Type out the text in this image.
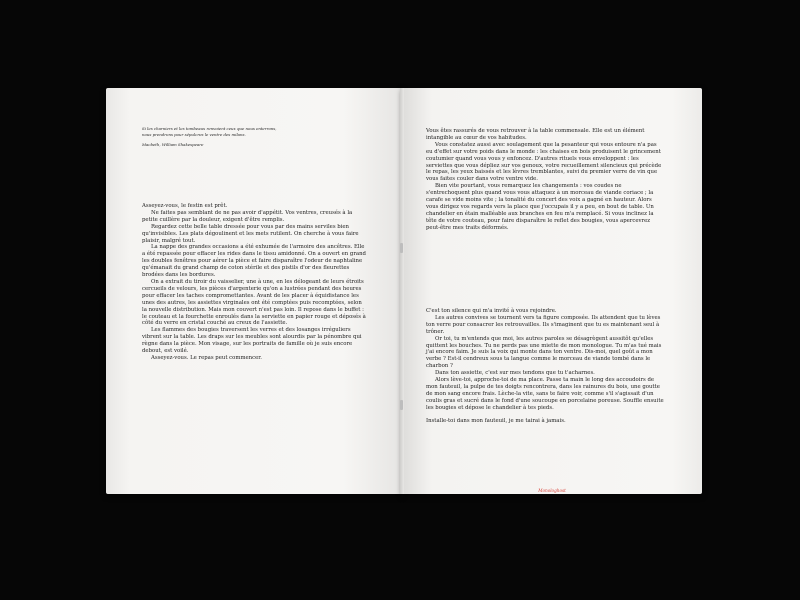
Si les charniers et les tombeaux renvoient ceux que nous enterrons,
nous prendrons pour sépulcres le ventre des milans.
Macbeth, William Shakespeare

Asseyez-vous, le festin est prêt.

Ne faites pas semblant de ne pas avoir d'appétit. Vos ventres, creusés à la petite cuillère par la douleur, exigent d'être remplis.

Regardez cette belle table dressée pour vous par des mains serviles bien qu'invisibles. Les plats dégoulinent et les mets rutilent. On cherche à vous faire plaisir, malgré tout.

La nappe des grandes occasions a été exhumée de l'armoire des ancêtres. Elle a été repassée pour effacer les rides dans le tissu amidonné. On a ouvert en grand les doubles fenêtres pour aérer la pièce et faire disparaître l'odeur de naphtaline qu'émanait du grand champ de coton stérile et des pistils d'or des fleurettes brodées dans les bordures.

On a extrait du tiroir du vaisselier, une à une, en les délogeant de leurs étroits cercueils de velours, les pièces d'argenterie qu'on a lustrées pendant des heures pour effacer les taches compromettantes. Avant de les placer à équidistance les unes des autres, les assiettes virginales ont été comptées puis recomptées, selon la nouvelle distribution. Mais mon couvert n'est pas loin. Il repose dans le buffet : le couteau et la fourchette enroulés dans la serviette en papier rouge et déposés à côté du verre en cristal couché au creux de l'assiette.

Les flammes des bougies traversent les verres et des losanges irréguliers vibrent sur la table. Les draps sur les meubles sont alourdis par la pénombre qui règne dans la pièce. Mon visage, sur les portraits de famille où je suis encore debout, est voilé.

Asseyez-vous. Le repas peut commencer.

Vous êtes rassurés de vous retrouver à la table commensale. Elle est un élément intangible au cœur de vos habitudes.

Vous constatez aussi avec soulagement que la pesanteur qui vous entoure n'a pas eu d'effet sur votre poids dans le monde : les chaises en bois produisent le grincement coutumier quand vous vous y enfoncez. D'autres rituels vous enveloppent : les serviettes que vous dépliez sur vos genoux, votre recueillement silencieux qui précède le repas, les yeux baissés et les lèvres tremblantes, suivi du premier verre de vin que vous faites couler dans votre ventre vide.

Bien vite pourtant, vous remarquez les changements : vos coudes ne s'entrechoquent plus quand vous vous attaquez à un morceau de viande coriace ; la carafe se vide moins vite ; la tonalité du concert des voix a gagné en hauteur. Alors vous dirigez vos regards vers la place que j'occupais il y a peu, en bout de table. Un chandelier en étain malléable aux branches en feu m'a remplacé. Si vous inclinez la tête de votre couteau, pour faire disparaître le reflet des bougies, vous apercevrez peut-être mes traits déformés.

C'est ton silence qui m'a invité à vous rejoindre.

Les autres convives se tournent vers ta figure composée. Ils attendent que tu lèves ton verre pour consacrer les retrouvailles. Ils s'imaginent que tu es maintenant seul à trôner.

Or toi, tu m'entends que moi, les autres paroles se désagrègent aussitôt qu'elles quittent les bouches. Tu ne perds pas une miette de mon monologue. Tu m'as tué mais j'ai encore faim. Je suis la voix qui monte dans ton ventre. Dis-moi, quel goût a mon verbe ? Est-il cendreux sous ta langue comme le morceau de viande tombé dans le charbon ?

Dans ton assiette, c'est sur mes tendons que tu t'acharnes.

Alors lève-toi, approche-toi de ma place. Passe ta main le long des accoudoirs de mon fauteuil, la pulpe de tes doigts rencontrera, dans les rainures du bois, une goutte de mon sang encore frais. Lèche-la vite, sans te faire voir, comme s'il s'agissait d'un coulis gras et sucré dans le fond d'une soucoupe en porcelaine poreuse. Souffle ensuite les bougies et dépose le chandelier à tes pieds.

Installe-toi dans mon fauteuil, je me tairai à jamais.

Monologhost
